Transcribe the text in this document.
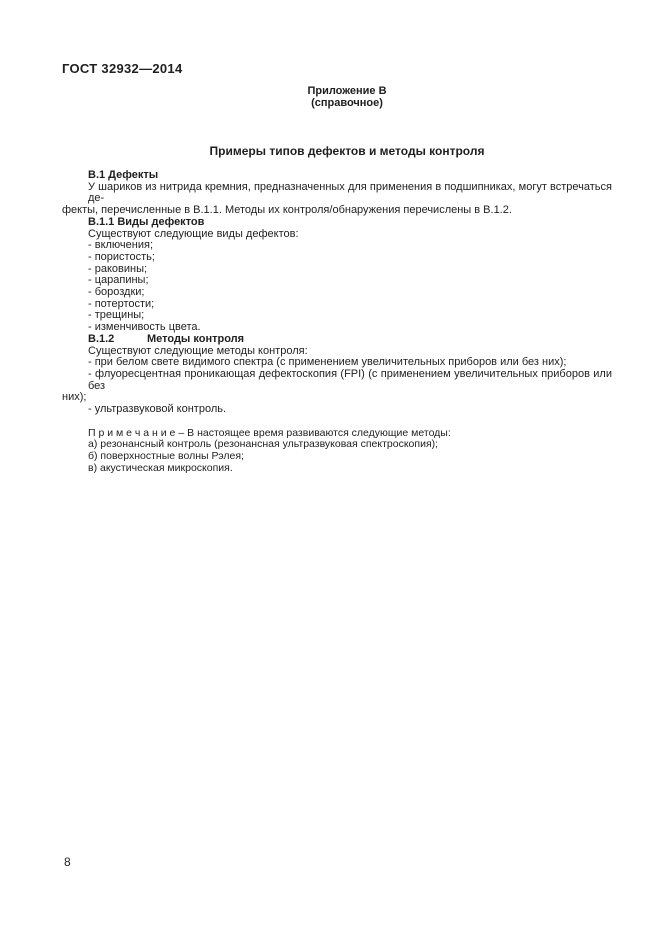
ГОСТ 32932—2014
Приложение В
(справочное)
Примеры типов дефектов и методы контроля
В.1 Дефекты
У шариков из нитрида кремния, предназначенных для применения в подшипниках, могут встречаться де-
фекты, перечисленные в В.1.1. Методы их контроля/обнаружения перечислены в В.1.2.
В.1.1 Виды дефектов
Существуют следующие виды дефектов:
- включения;
- пористость;
- раковины;
- царапины;
- бороздки;
- потертости;
- трещины;
- изменчивость цвета.
В.1.2	Методы контроля
Существуют следующие методы контроля:
- при белом свете видимого спектра (с применением увеличительных приборов или без них);
- флуоресцентная проникающая дефектоскопия (FPI) (с применением увеличительных приборов или без
них);
- ультразвуковой контроль.
П р и м е ч а н и е – В настоящее время развиваются следующие методы:
а) резонансный контроль (резонансная ультразвуковая спектроскопия);
б) поверхностные волны Рэлея;
в) акустическая микроскопия.
8
